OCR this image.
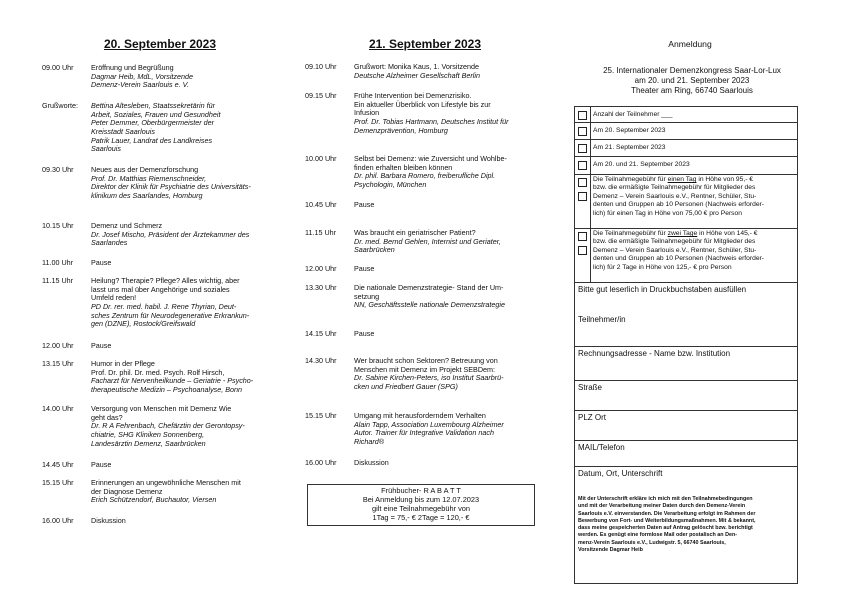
20. September 2023
09.00 Uhr	Eröffnung und Begrüßung
Dagmar Heib, MdL, Vorsitzende
Demenz-Verein Saarlouis e. V.
Grußworte:	Bettina Altesleben, Staatssekretärin für
Arbeit, Soziales, Frauen und Gesundheit
Peter Demmer, Oberbürgermeister der
Kreisstadt Saarlouis
Patrik Lauer, Landrat des Landkreises
Saarlouis
09.30 Uhr	Neues aus der Demenzforschung
Prof. Dr. Matthias Riemenschneider,
Direktor der Klinik für Psychiatrie des Universitäts-
klinikum des Saarlandes, Homburg
10.15 Uhr	Demenz und Schmerz
Dr. Josef Mischo, Präsident der Ärztekammer des
Saarlandes
11.00 Uhr	Pause
11.15 Uhr	Heilung? Therapie? Pflege? Alles wichtig, aber
lasst uns mal über Angehörige und soziales
Umfeld reden!
PD Dr. rer. med. habil. J. Rene Thyrian, Deut-
sches Zentrum für Neurodegenerative Erkrankun-
gen (DZNE), Rostock/Greifswald
12.00 Uhr	Pause
13.15 Uhr	Humor in der Pflege
Prof. Dr. phil. Dr. med. Psych. Rolf Hirsch,
Facharzt für Nervenheilkunde – Geriatrie - Psycho-
therapeutische Medizin – Psychoanalyse, Bonn
14.00 Uhr	Versorgung von Menschen mit Demenz Wie
geht das?
Dr. R A Fehrenbach, Chefärztin der Gerontopsy-
chiatrie, SHG Kliniken Sonnenberg,
Landesärztin Demenz, Saarbrücken
14.45 Uhr	Pause
15.15 Uhr	Erinnerungen an ungewöhnliche Menschen mit
der Diagnose Demenz
Erich Schützendorf, Buchautor, Viersen
16.00 Uhr	Diskussion
21. September 2023
09.10 Uhr	Grußwort: Monika Kaus, 1. Vorsitzende
Deutsche Alzheimer Gesellschaft Berlin
09.15 Uhr	Frühe Intervention bei Demenzrisiko.
Ein aktueller Überblick von Lifestyle bis zur
Infusion
Prof. Dr. Tobias Hartmann, Deutsches Institut für
Demenzprävention, Homburg
10.00 Uhr	Selbst bei Demenz: wie Zuversicht und Wohlbe-
finden erhalten bleiben können
Dr. phil. Barbara Romero, freiberufliche Dipl.
Psychologin, München
10.45 Uhr	Pause
11.15 Uhr	Was braucht ein geriatrischer Patient?
Dr. med. Bernd Gehlen, Internist und Geriater,
Saarbrücken
12.00 Uhr	Pause
13.30 Uhr	Die nationale Demenzstrategie- Stand der Um-
setzung
NN, Geschäftsstelle nationale Demenzstrategie
14.15 Uhr	Pause
14.30 Uhr	Wer braucht schon Sektoren? Betreuung von
Menschen mit Demenz im Projekt SEBDem:
Dr. Sabine Kirchen-Peters, iso Institut Saarbrü-
cken und Friedbert Gauer (SPG)
15.15 Uhr	Umgang mit herausforderndem Verhalten
Alain Tapp, Association Luxembourg Alzheimer
Autor. Trainer für Integrative Validation nach
Richard®
16.00 Uhr	Diskussion
Frühbucher- R A B A T T
Bei Anmeldung bis zum 12.07.2023
gilt eine Teilnahmegebühr von
1Tag = 75,- € 2Tage = 120,- €
Anmeldung
25. Internationaler Demenzkongress Saar-Lor-Lux
am 20. und 21. September 2023
Theater am Ring, 66740 Saarlouis
Anzahl der Teilnehmer ___
Am 20. September 2023
Am 21. September 2023
Am 20. und 21. September 2023
Die Teilnahmegebühr für einen Tag in Höhe von 95,- €
bzw. die ermäßigte Teilnahmegebühr für Mitglieder des
Demenz – Verein Saarlouis e.V., Rentner, Schüler, Stu-
denten und Gruppen ab 10 Personen (Nachweis erforder-
lich) für einen Tag in Höhe von 75,00 € pro Person
Die Teilnahmegebühr für zwei Tage in Höhe von 145,- €
bzw. die ermäßigte Teilnahmegebühr für Mitglieder des
Demenz – Verein Saarlouis e.V., Rentner, Schüler, Stu-
denten und Gruppen ab 10 Personen (Nachweis erforder-
lich) für 2 Tage in Höhe von 125,- € pro Person
Bitte gut leserlich in Druckbuchstaben ausfüllen
Teilnehmer/in
Rechnungsadresse - Name bzw. Institution
Straße
PLZ Ort
MAIL/Telefon
Datum, Ort, Unterschrift
Mit der Unterschrift erkläre ich mich mit den Teilnahmebedingungen
und mit der Verarbeitung meiner Daten durch den Demenz-Verein
Saarlouis e.V. einverstanden. Die Verarbeitung erfolgt im Rahmen der
Bewerbung von Fort- und Weiterbildungsmaßnahmen. Mit & bekannt,
dass meine gespeicherten Daten auf Antrag gelöscht bzw. berichtigt
werden. Es genügt eine formlose Mail oder postalisch an Den-
menz-Verein Saarlouis e.V., Ludwigstr. 5, 66740 Saarlouis,
Vorsitzende Dagmar Heib
